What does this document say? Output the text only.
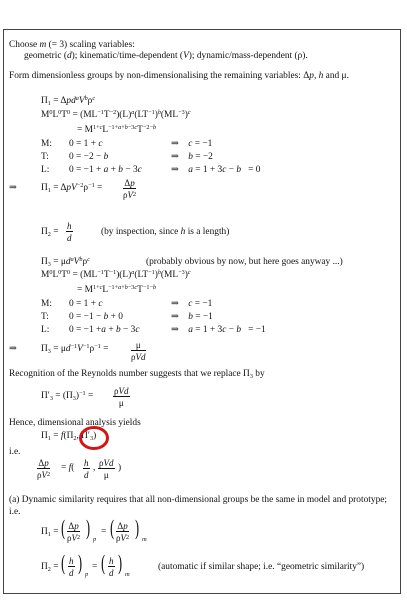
Choose m (= 3) scaling variables:
geometric (d); kinematic/time-dependent (V); dynamic/mass-dependent (ρ).
Form dimensionless groups by non-dimensionalising the remaining variables: Δp, h and μ.
$\Pi_1 = \Delta pd^aV^b\rho^c$
$M^0L^0T^0 = (ML^{-1}T^{-2})(L)^a(LT^{-1})^b(ML^{-3})^c$
= $M^{1+c}L^{-1+a+b-3c}T^{-2-b}$
M: 0 = 1 + c	⇒    c = −1
T: 0 = −2 − b	⇒    b = −2
L: 0 = −1 + a + b − 3c	⇒    a = 1 + 3c − b   = 0
⇒	$\Pi_1 = \Delta pV^{-2}\rho^{-1} = \frac{\Delta p}{\rho V^2}$
$\Pi_2 = \frac{h}{d}$	(by inspection, since h is a length)
$\Pi_3 = \mu d^aV^b\rho^c$	(probably obvious by now, but here goes anyway ...)
$M^0L^0T^0 = (ML^{-1}T^{-1})(L)^a(LT^{-1})^b(ML^{-3})^c$
= $M^{1+c}L^{-1+a+b-3c}T^{-1-b}$
M: 0 = 1 + c	⇒    c = −1
T: 0 = −1 − b + 0	⇒    b = −1
L: 0 = −1 +a + b − 3c	⇒    a = 1 + 3c − b   = −1
⇒	$\Pi_3 = \mu d^{-1}V^{-1}\rho^{-1}$ =	μ
ρVd
Recognition of the Reynolds number suggests that we replace $\Pi_3$ by
$\Pi'_3 = (\Pi_3)^{-1} = \rho Vd$
μ
Hence, dimensional analysis yields
$\Pi_1 = f(\Pi_2$, $\Pi'_3$)
i.e.
$\frac{\Delta p}{\rho V^2} = f( \frac{h}{d}$ , ρVd
μ
)
(a) Dynamic similarity requires that all non-dimensional groups be the same in model and prototype; i.e.
$\Pi_1$ = ( $\frac{\Delta p}{\rho V^2}$ ) p
= ( $\frac{\Delta p}{\rho V^2}$ ) m
$\Pi_2$ = ( $\frac{h}{d}$ ) p
= ( $\frac{h}{d}$ ) m
(automatic if similar shape; i.e. “geometric similarity”)
